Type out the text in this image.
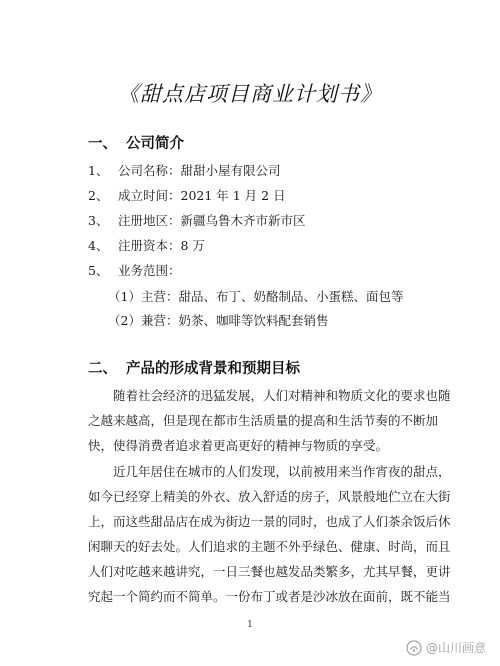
《甜点店项目商业计划书》
一、 公司简介
1、 公司名称：甜甜小屋有限公司
2、 成立时间：2021 年 1 月 2 日
3、 注册地区：新疆乌鲁木齐市新市区
4、 注册资本：8 万
5、 业务范围：
（1）主营：甜品、布丁、奶酪制品、小蛋糕、面包等
（2）兼营：奶茶、咖啡等饮料配套销售
二、 产品的形成背景和预期目标
随着社会经济的迅猛发展，人们对精神和物质文化的要求也随
之越来越高，但是现在都市生活质量的提高和生活节奏的不断加
快，使得消费者追求着更高更好的精神与物质的享受。
近几年居住在城市的人们发现，以前被用来当作宵夜的甜点，
如今已经穿上精美的外衣、放入舒适的房子，风景般地伫立在大街
上，而这些甜品店在成为街边一景的同时，也成了人们茶余饭后休
闲聊天的好去处。人们追求的主题不外乎绿色、健康、时尚，而且
人们对吃越来越讲究，一日三餐也越发品类繁多，尤其早餐，更讲
究起一个简约而不简单。一份布丁或者是沙冰放在面前，既不能当
1
@山川画意
